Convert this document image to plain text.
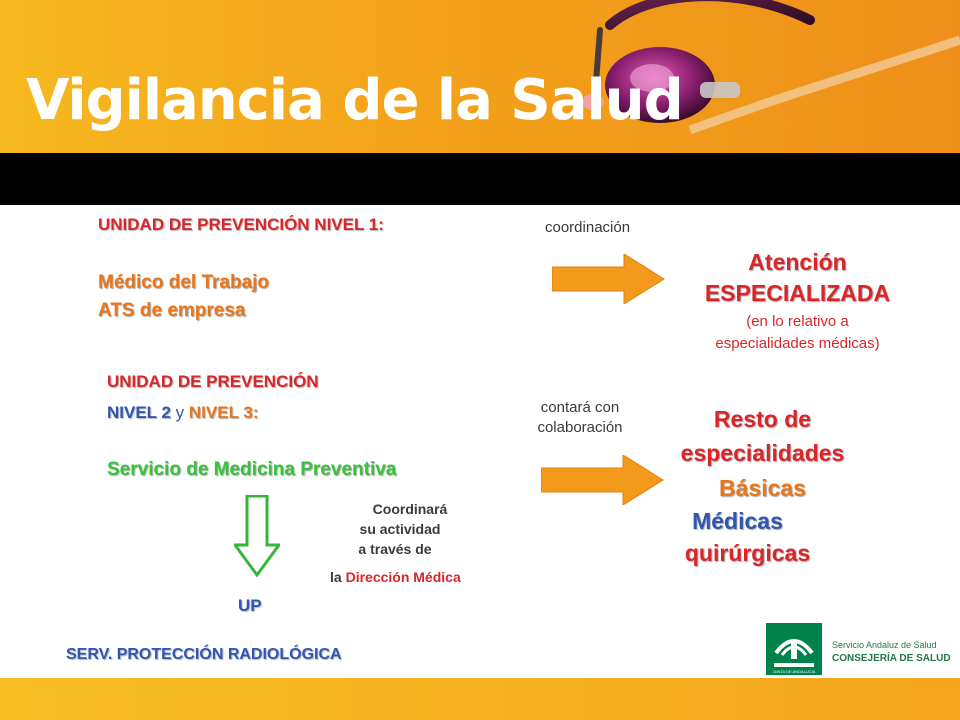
Vigilancia de la Salud
UNIDAD DE PREVENCIÓN NIVEL 1:
Médico del Trabajo
ATS de empresa
UNIDAD DE PREVENCIÓN
NIVEL 2 y NIVEL 3:
Servicio de Medicina Preventiva
coordinación
contará con
colaboración
Atención
ESPECIALIZADA
(en lo relativo a
especialidades médicas)
Resto de
especialidades
Básicas
Médicas
quirúrgicas
Coordinará
su actividad
a través de
la Dirección Médica
UP
SERV. PROTECCIÓN RADIOLÓGICA
JUNTA DE ANDALUCIA
Servicio Andaluz de Salud
CONSEJERÍA DE SALUD
